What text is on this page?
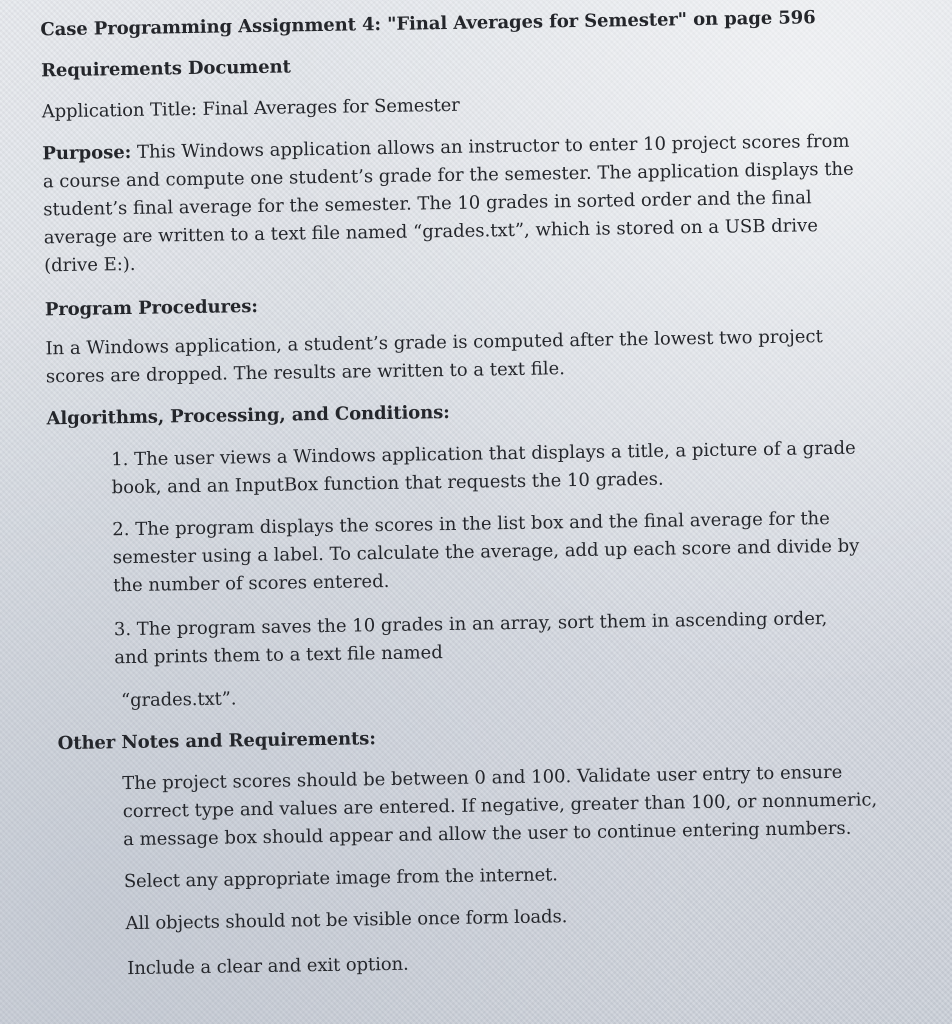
Case Programming Assignment 4: "Final Averages for Semester" on page 596
Requirements Document
Application Title: Final Averages for Semester
Purpose: This Windows application allows an instructor to enter 10 project scores from
a course and compute one student’s grade for the semester. The application displays the
student’s final average for the semester. The 10 grades in sorted order and the final
average are written to a text file named “grades.txt”, which is stored on a USB drive
(drive E:).
Program Procedures:
In a Windows application, a student’s grade is computed after the lowest two project
scores are dropped. The results are written to a text file.
Algorithms, Processing, and Conditions:
1. The user views a Windows application that displays a title, a picture of a grade
book, and an InputBox function that requests the 10 grades.
2. The program displays the scores in the list box and the final average for the
semester using a label. To calculate the average, add up each score and divide by
the number of scores entered.
3. The program saves the 10 grades in an array, sort them in ascending order,
and prints them to a text file named
“grades.txt”.
Other Notes and Requirements:
The project scores should be between 0 and 100. Validate user entry to ensure
correct type and values are entered. If negative, greater than 100, or nonnumeric,
a message box should appear and allow the user to continue entering numbers.
Select any appropriate image from the internet.
All objects should not be visible once form loads.
Include a clear and exit option.
